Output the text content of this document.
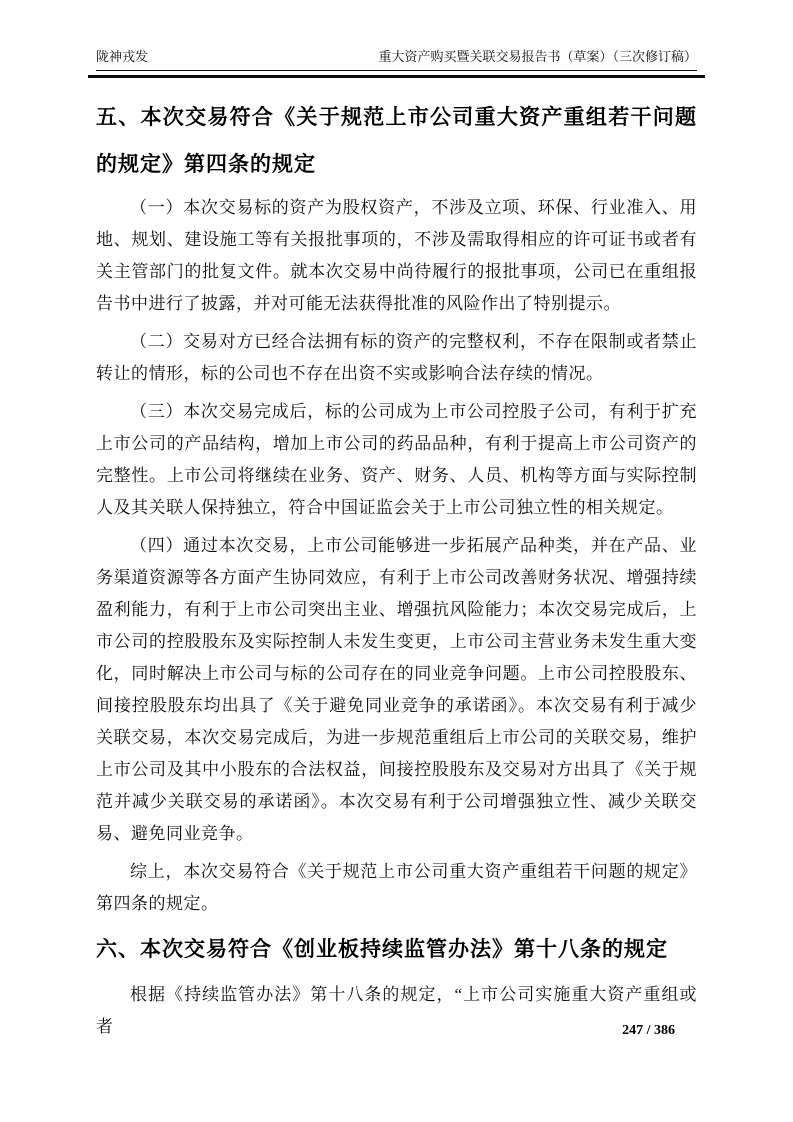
陇神戎发	重大资产购买暨关联交易报告书（草案）（三次修订稿）
五、本次交易符合《关于规范上市公司重大资产重组若干问题的规定》第四条的规定

（一）本次交易标的资产为股权资产，不涉及立项、环保、行业准入、用地、规划、建设施工等有关报批事项的，不涉及需取得相应的许可证书或者有关主管部门的批复文件。就本次交易中尚待履行的报批事项，公司已在重组报告书中进行了披露，并对可能无法获得批准的风险作出了特别提示。

（二）交易对方已经合法拥有标的资产的完整权利，不存在限制或者禁止转让的情形，标的公司也不存在出资不实或影响合法存续的情况。

（三）本次交易完成后，标的公司成为上市公司控股子公司，有利于扩充上市公司的产品结构，增加上市公司的药品品种，有利于提高上市公司资产的完整性。上市公司将继续在业务、资产、财务、人员、机构等方面与实际控制人及其关联人保持独立，符合中国证监会关于上市公司独立性的相关规定。

（四）通过本次交易，上市公司能够进一步拓展产品种类，并在产品、业务渠道资源等各方面产生协同效应，有利于上市公司改善财务状况、增强持续盈利能力，有利于上市公司突出主业、增强抗风险能力；本次交易完成后，上市公司的控股股东及实际控制人未发生变更，上市公司主营业务未发生重大变化，同时解决上市公司与标的公司存在的同业竞争问题。上市公司控股股东、间接控股股东均出具了《关于避免同业竞争的承诺函》。本次交易有利于减少关联交易，本次交易完成后，为进一步规范重组后上市公司的关联交易，维护上市公司及其中小股东的合法权益，间接控股股东及交易对方出具了《关于规范并减少关联交易的承诺函》。本次交易有利于公司增强独立性、减少关联交易、避免同业竞争。

综上，本次交易符合《关于规范上市公司重大资产重组若干问题的规定》第四条的规定。

六、本次交易符合《创业板持续监管办法》第十八条的规定

根据《持续监管办法》第十八条的规定，“上市公司实施重大资产重组或者	247 / 386
